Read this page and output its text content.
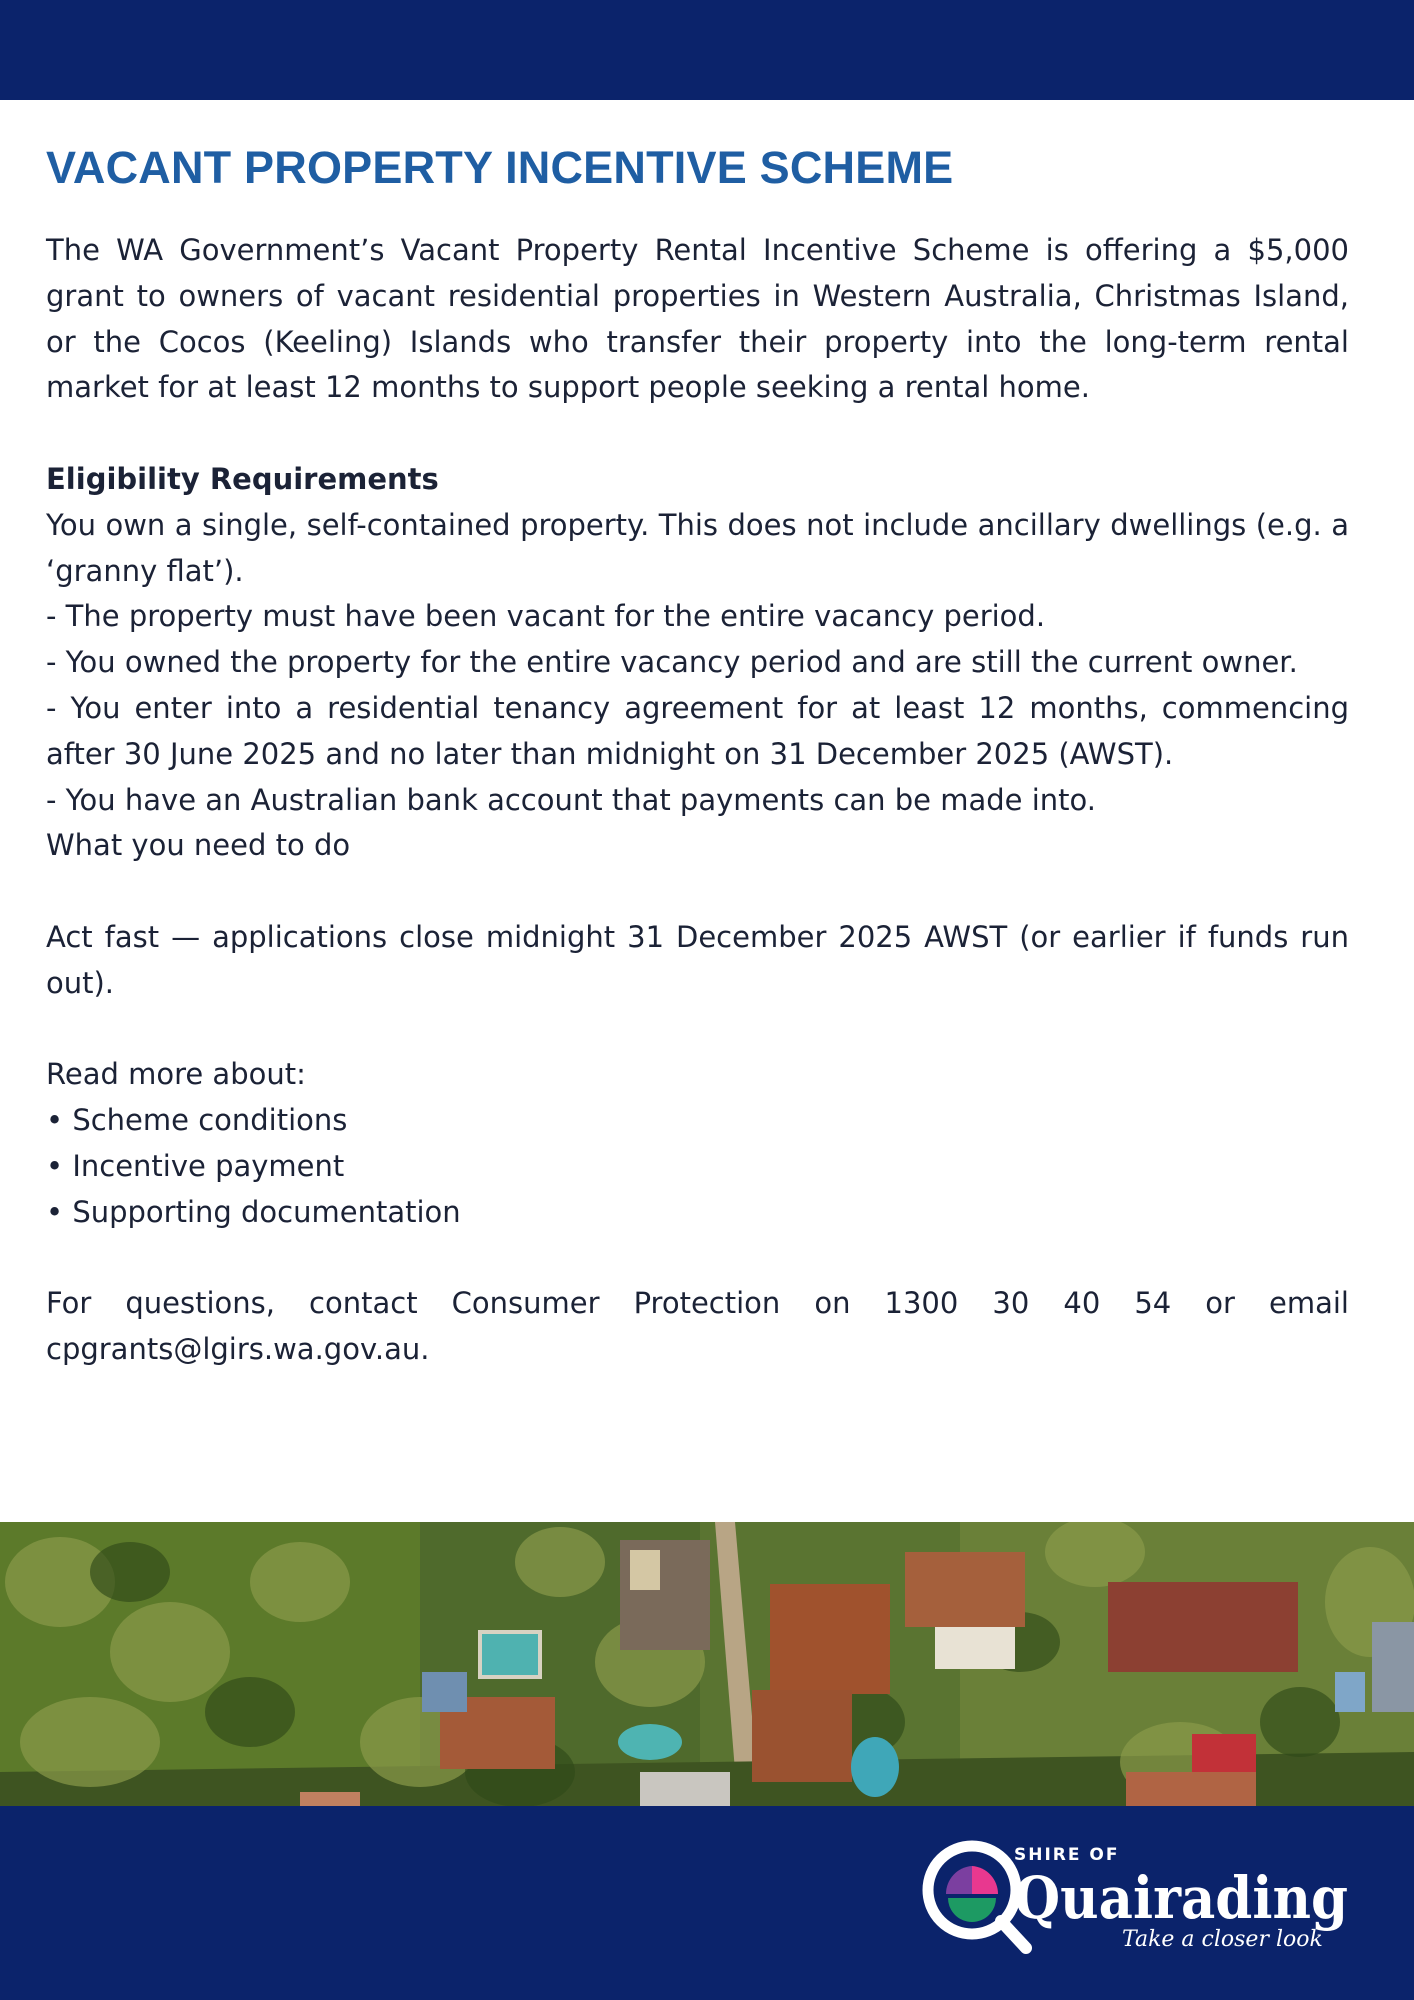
VACANT PROPERTY INCENTIVE SCHEME

The WA Government’s Vacant Property Rental Incentive Scheme is offering a $5,000 grant to owners of vacant residential properties in Western Australia, Christmas Island, or the Cocos (Keeling) Islands who transfer their property into the long-term rental market for at least 12 months to support people seeking a rental home.

Eligibility Requirements

You own a single, self-contained property. This does not include ancillary dwellings (e.g. a ‘granny flat’).

- The property must have been vacant for the entire vacancy period.

- You owned the property for the entire vacancy period and are still the current owner.

- You enter into a residential tenancy agreement for at least 12 months, commencing after 30 June 2025 and no later than midnight on 31 December 2025 (AWST).

- You have an Australian bank account that payments can be made into.

What you need to do

Act fast — applications close midnight 31 December 2025 AWST (or earlier if funds run out).

Read more about:

• Scheme conditions

• Incentive payment

• Supporting documentation

For questions, contact Consumer Protection on 1300 30 40 54 or email cpgrants@lgirs.wa.gov.au.

SHIRE OF
Quairading
Take a closer look
